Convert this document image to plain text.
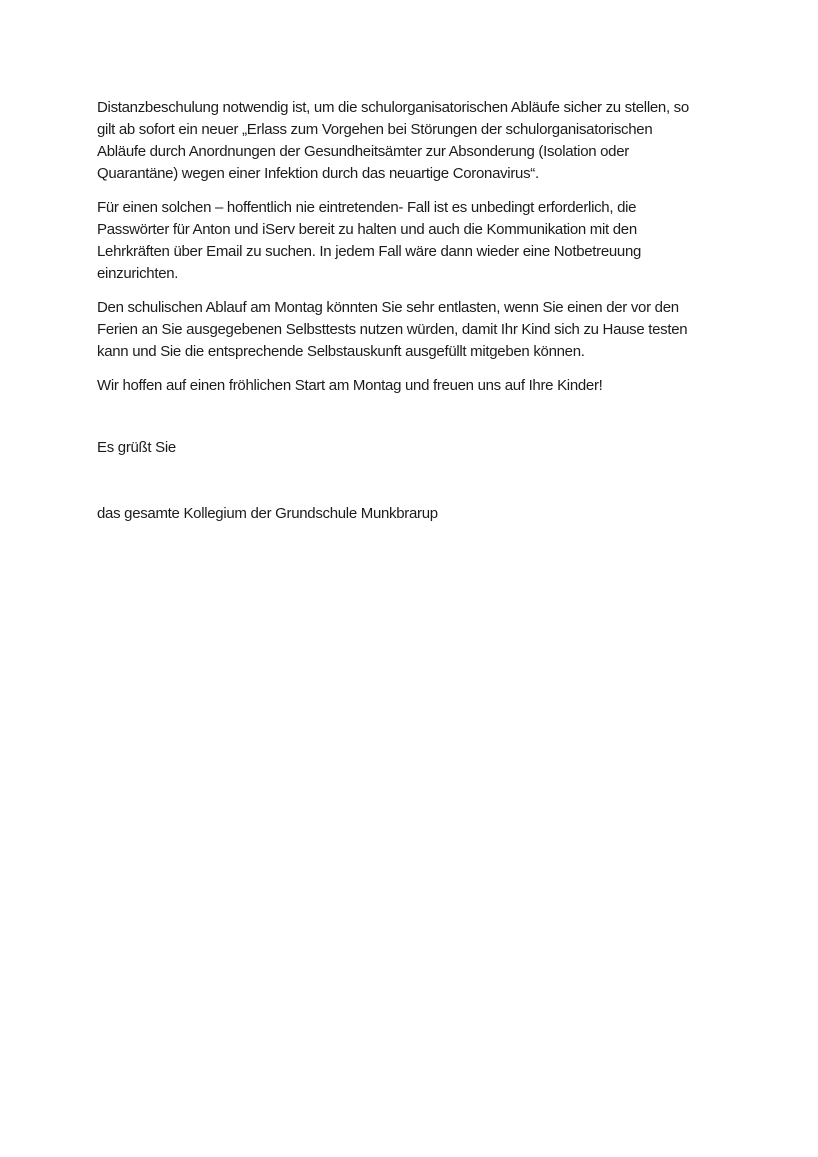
Distanzbeschulung notwendig ist, um die schulorganisatorischen Abläufe sicher zu stellen, so
gilt ab sofort ein neuer „Erlass zum Vorgehen bei Störungen der schulorganisatorischen
Abläufe durch Anordnungen der Gesundheitsämter zur Absonderung (Isolation oder
Quarantäne) wegen einer Infektion durch das neuartige Coronavirus“.

Für einen solchen – hoffentlich nie eintretenden- Fall ist es unbedingt erforderlich, die
Passwörter für Anton und iServ bereit zu halten und auch die Kommunikation mit den
Lehrkräften über Email zu suchen. In jedem Fall wäre dann wieder eine Notbetreuung
einzurichten.

Den schulischen Ablauf am Montag könnten Sie sehr entlasten, wenn Sie einen der vor den
Ferien an Sie ausgegebenen Selbsttests nutzen würden, damit Ihr Kind sich zu Hause testen
kann und Sie die entsprechende Selbstauskunft ausgefüllt mitgeben können.

Wir hoffen auf einen fröhlichen Start am Montag und freuen uns auf Ihre Kinder!

Es grüßt Sie

das gesamte Kollegium der Grundschule Munkbrarup
